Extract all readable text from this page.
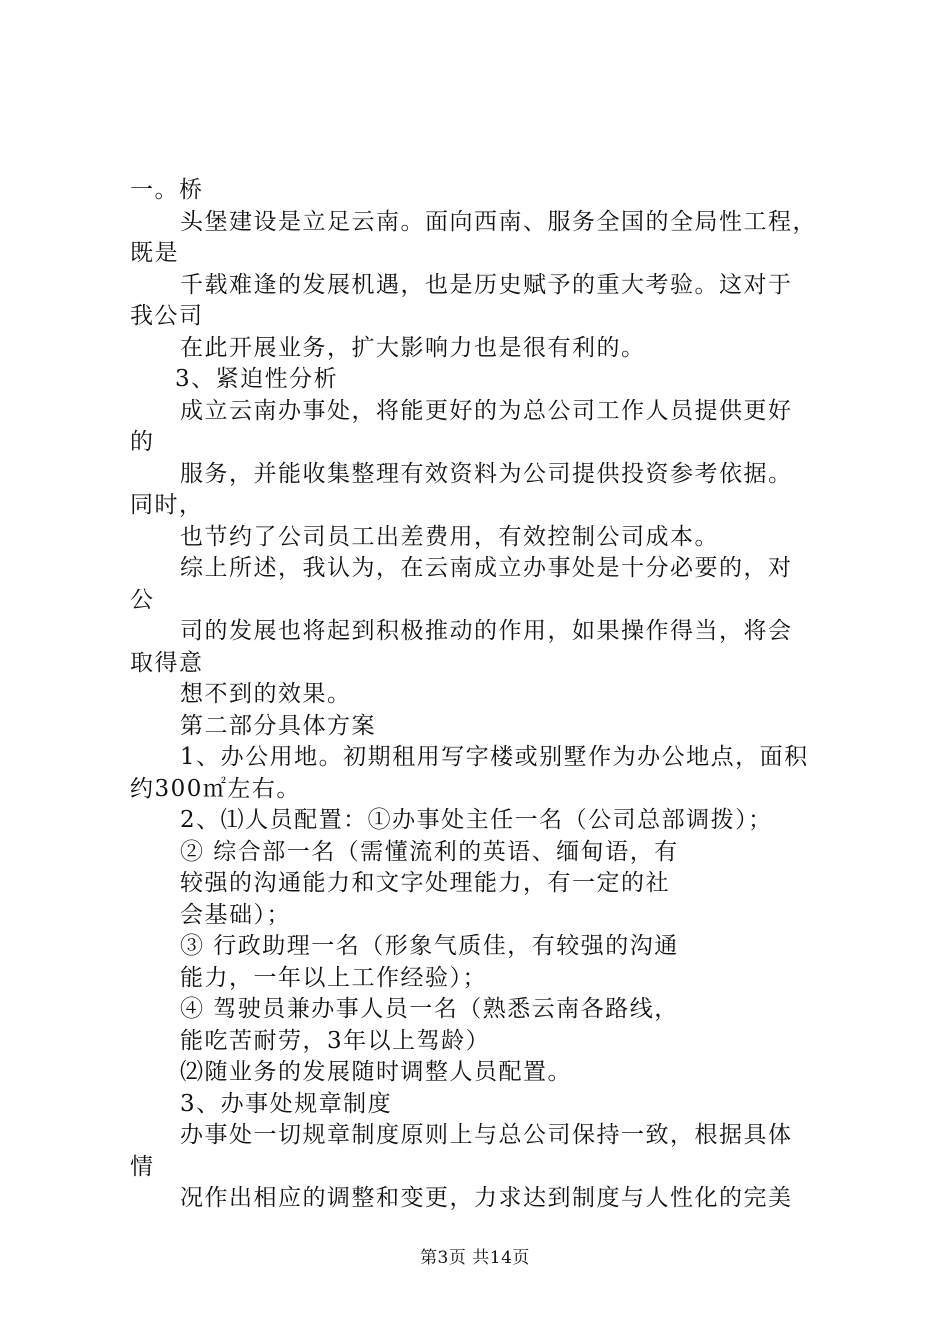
一。桥
头堡建设是立足云南。面向西南、服务全国的全局性工程，
既是
千载难逢的发展机遇，也是历史赋予的重大考验。这对于
我公司
在此开展业务，扩大影响力也是很有利的。
3、紧迫性分析
成立云南办事处，将能更好的为总公司工作人员提供更好
的
服务，并能收集整理有效资料为公司提供投资参考依据。
同时，
也节约了公司员工出差费用，有效控制公司成本。
综上所述，我认为，在云南成立办事处是十分必要的，对
公
司的发展也将起到积极推动的作用，如果操作得当，将会
取得意
想不到的效果。
第二部分具体方案
1、办公用地。初期租用写字楼或别墅作为办公地点，面积
约300㎡左右。
2、⑴人员配置：①办事处主任一名（公司总部调拨）；
② 综合部一名（需懂流利的英语、缅甸语，有
较强的沟通能力和文字处理能力，有一定的社
会基础）；
③ 行政助理一名（形象气质佳，有较强的沟通
能力，一年以上工作经验）；
④ 驾驶员兼办事人员一名（熟悉云南各路线，
能吃苦耐劳，3年以上驾龄）
⑵随业务的发展随时调整人员配置。
3、办事处规章制度
办事处一切规章制度原则上与总公司保持一致，根据具体
情
况作出相应的调整和变更，力求达到制度与人性化的完美
第3页 共14页
